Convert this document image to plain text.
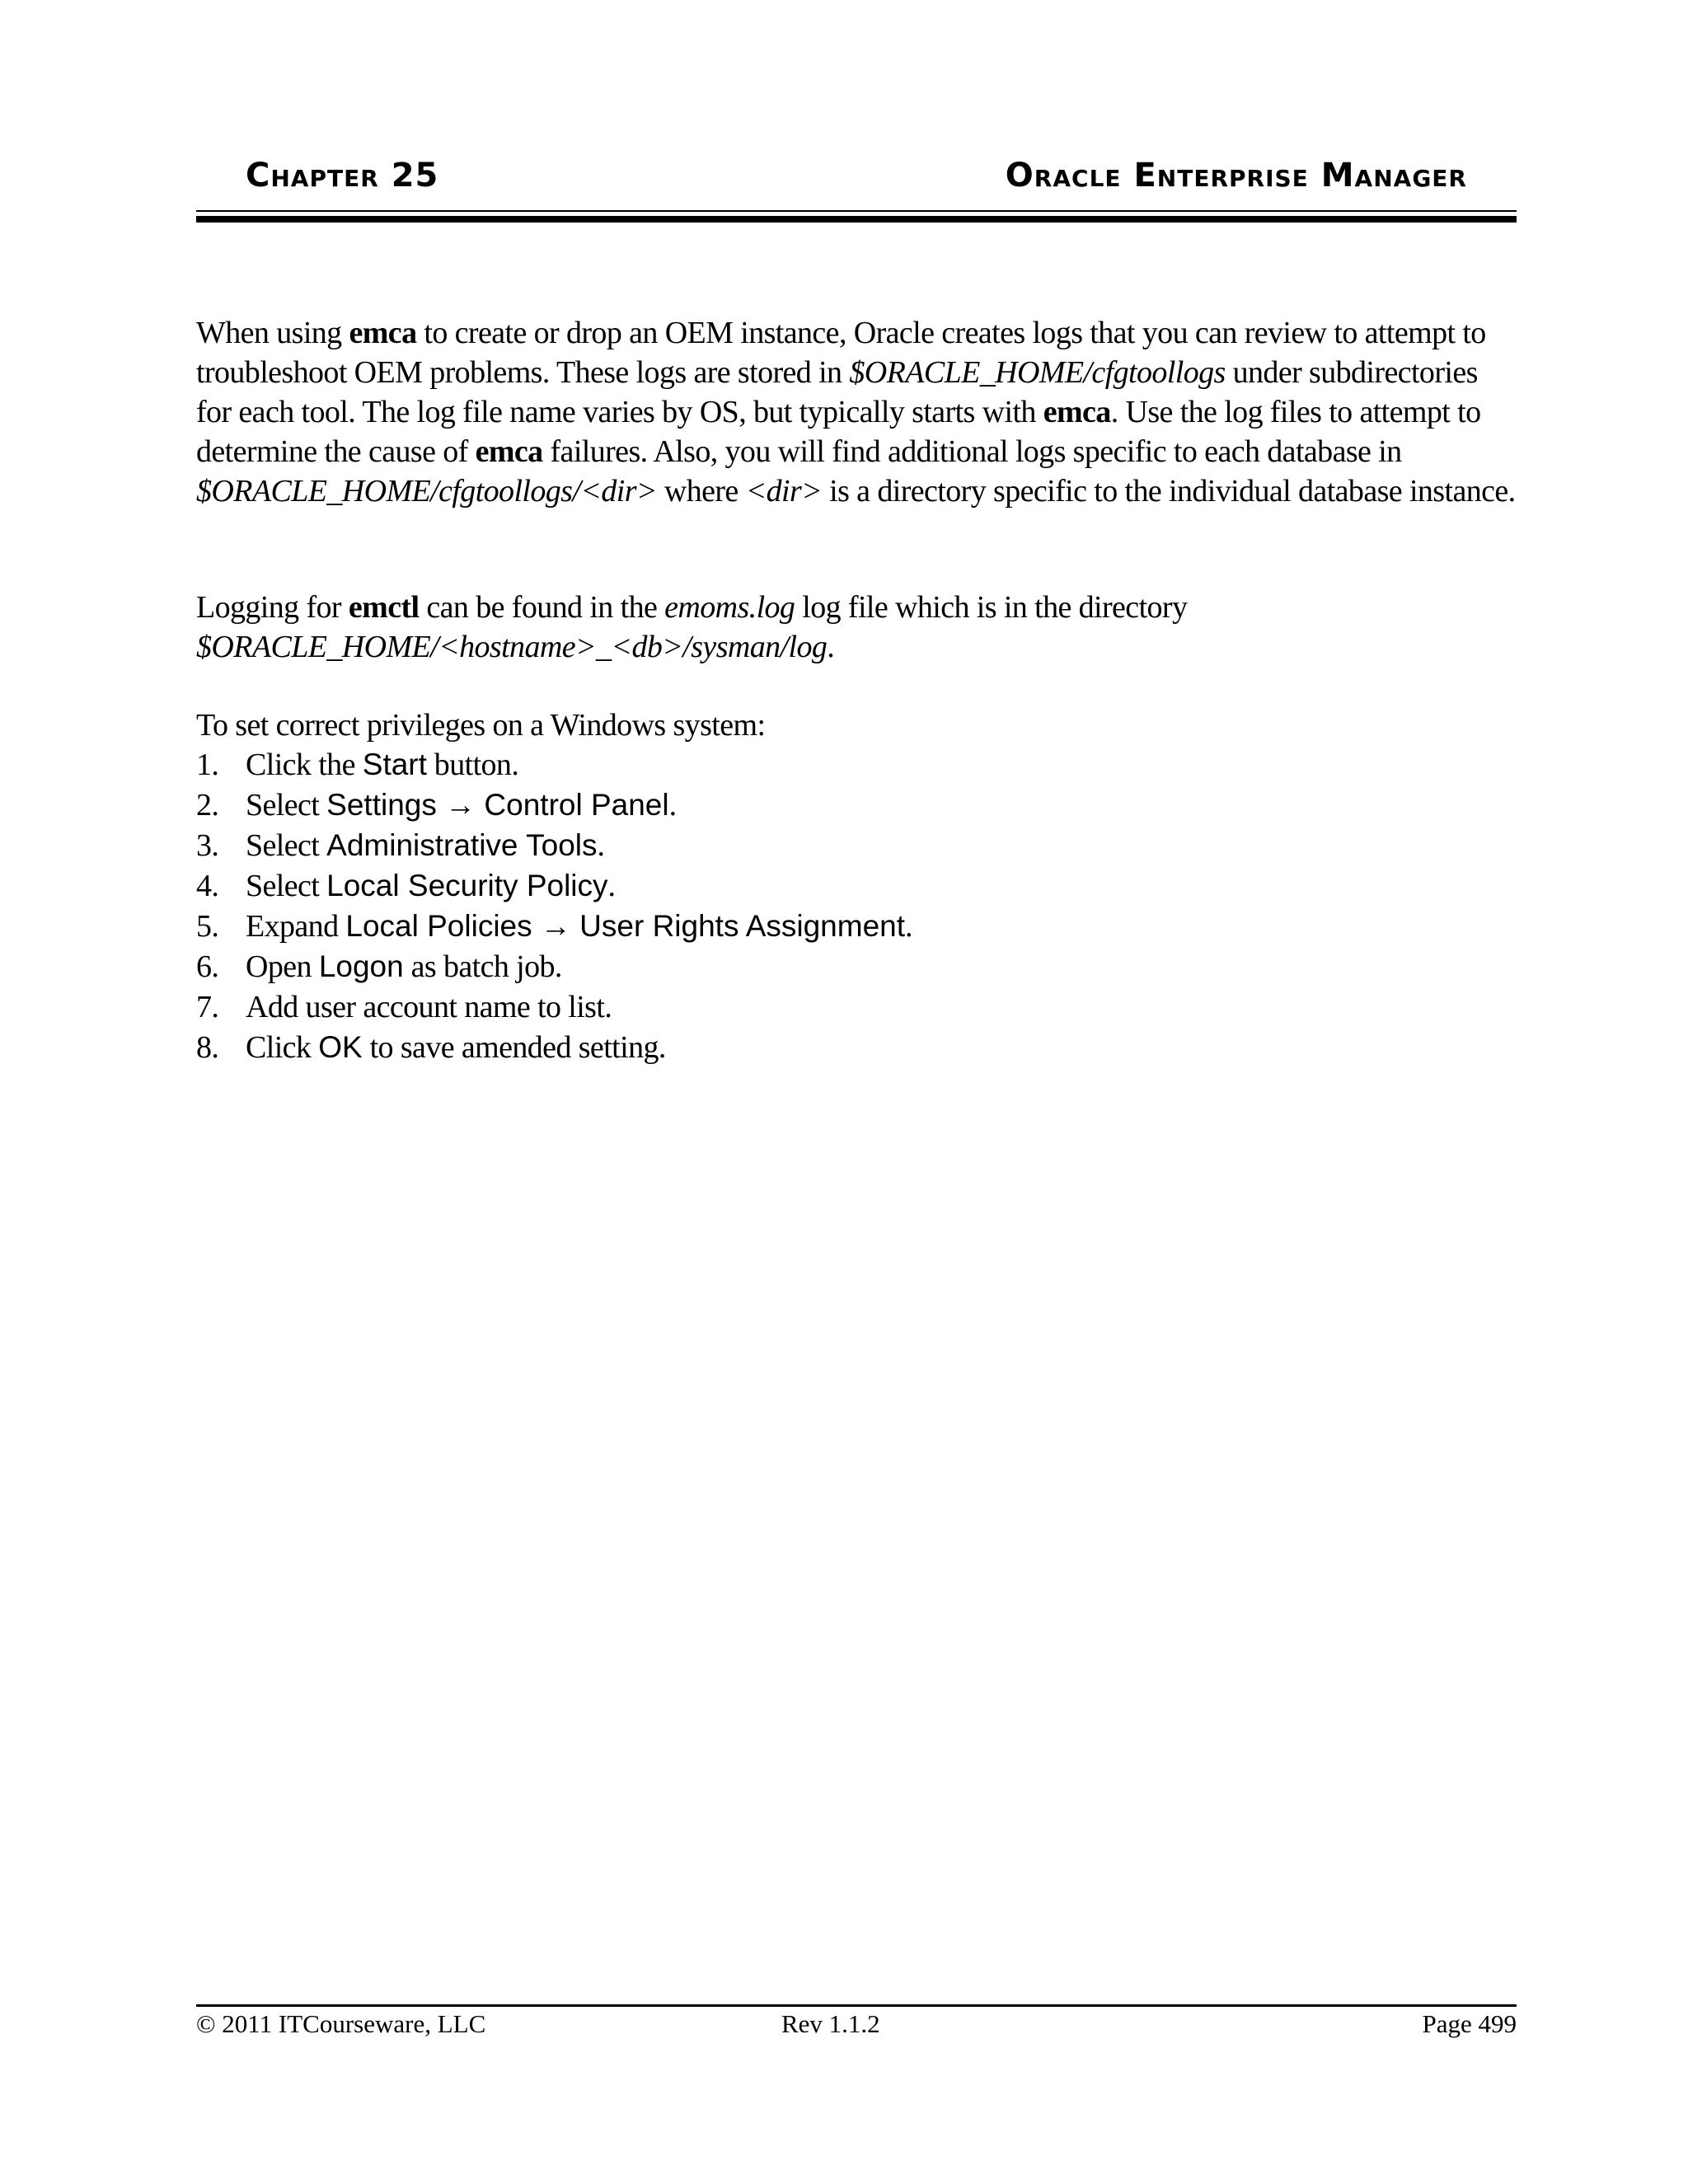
Chapter 25	Oracle Enterprise Manager

When using emca to create or drop an OEM instance, Oracle creates logs that you can review to attempt to troubleshoot OEM problems. These logs are stored in $ORACLE_HOME/cfgtoollogs under subdirectories for each tool. The log file name varies by OS, but typically starts with emca. Use the log files to attempt to determine the cause of emca failures. Also, you will find additional logs specific to each database in $ORACLE_HOME/cfgtoollogs/<dir> where <dir> is a directory specific to the individual database instance.

Logging for emctl can be found in the emoms.log log file which is in the directory $ORACLE_HOME/<hostname>_<db>/sysman/log.

To set correct privileges on a Windows system:

1. Click the Start button.
2. Select Settings → Control Panel.
3. Select Administrative Tools.
4. Select Local Security Policy.
5. Expand Local Policies → User Rights Assignment.
6. Open Logon as batch job.
7. Add user account name to list.
8. Click OK to save amended setting.
© 2011 ITCourseware, LLC	Rev 1.1.2	Page 499
